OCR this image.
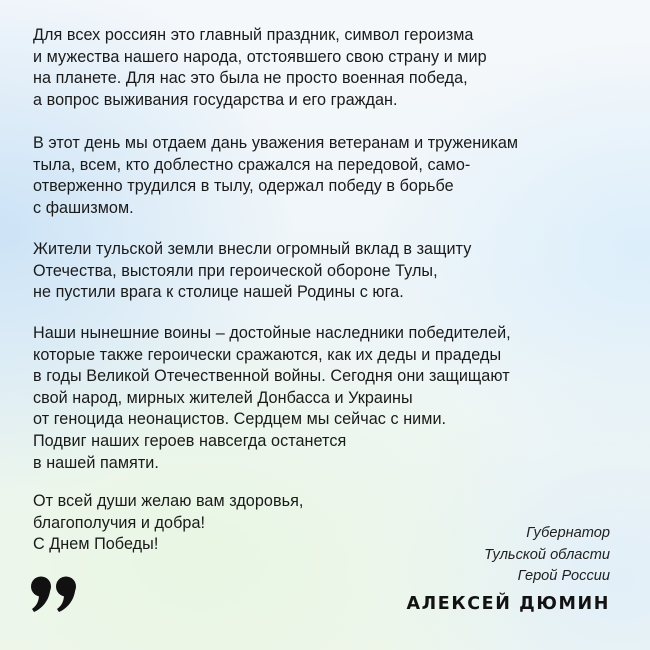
Для всех россиян это главный праздник, символ героизма
и мужества нашего народа, отстоявшего свою страну и мир
на планете. Для нас это была не просто военная победа,
а вопрос выживания государства и его граждан.

В этот день мы отдаем дань уважения ветеранам и труженикам
тыла, всем, кто доблестно сражался на передовой, само-
отверженно трудился в тылу, одержал победу в борьбе
с фашизмом.

Жители тульской земли внесли огромный вклад в защиту
Отечества, выстояли при героической обороне Тулы,
не пустили врага к столице нашей Родины с юга.

Наши нынешние воины – достойные наследники победителей,
которые также героически сражаются, как их деды и прадеды
в годы Великой Отечественной войны. Сегодня они защищают
свой народ, мирных жителей Донбасса и Украины
от геноцида неонацистов. Сердцем мы сейчас с ними.
Подвиг наших героев навсегда останется
в нашей памяти.

От всей души желаю вам здоровья,
благополучия и добра!
С Днем Победы!

Губернатор
Тульской области
Герой России
АЛЕКСЕЙ ДЮМИН
